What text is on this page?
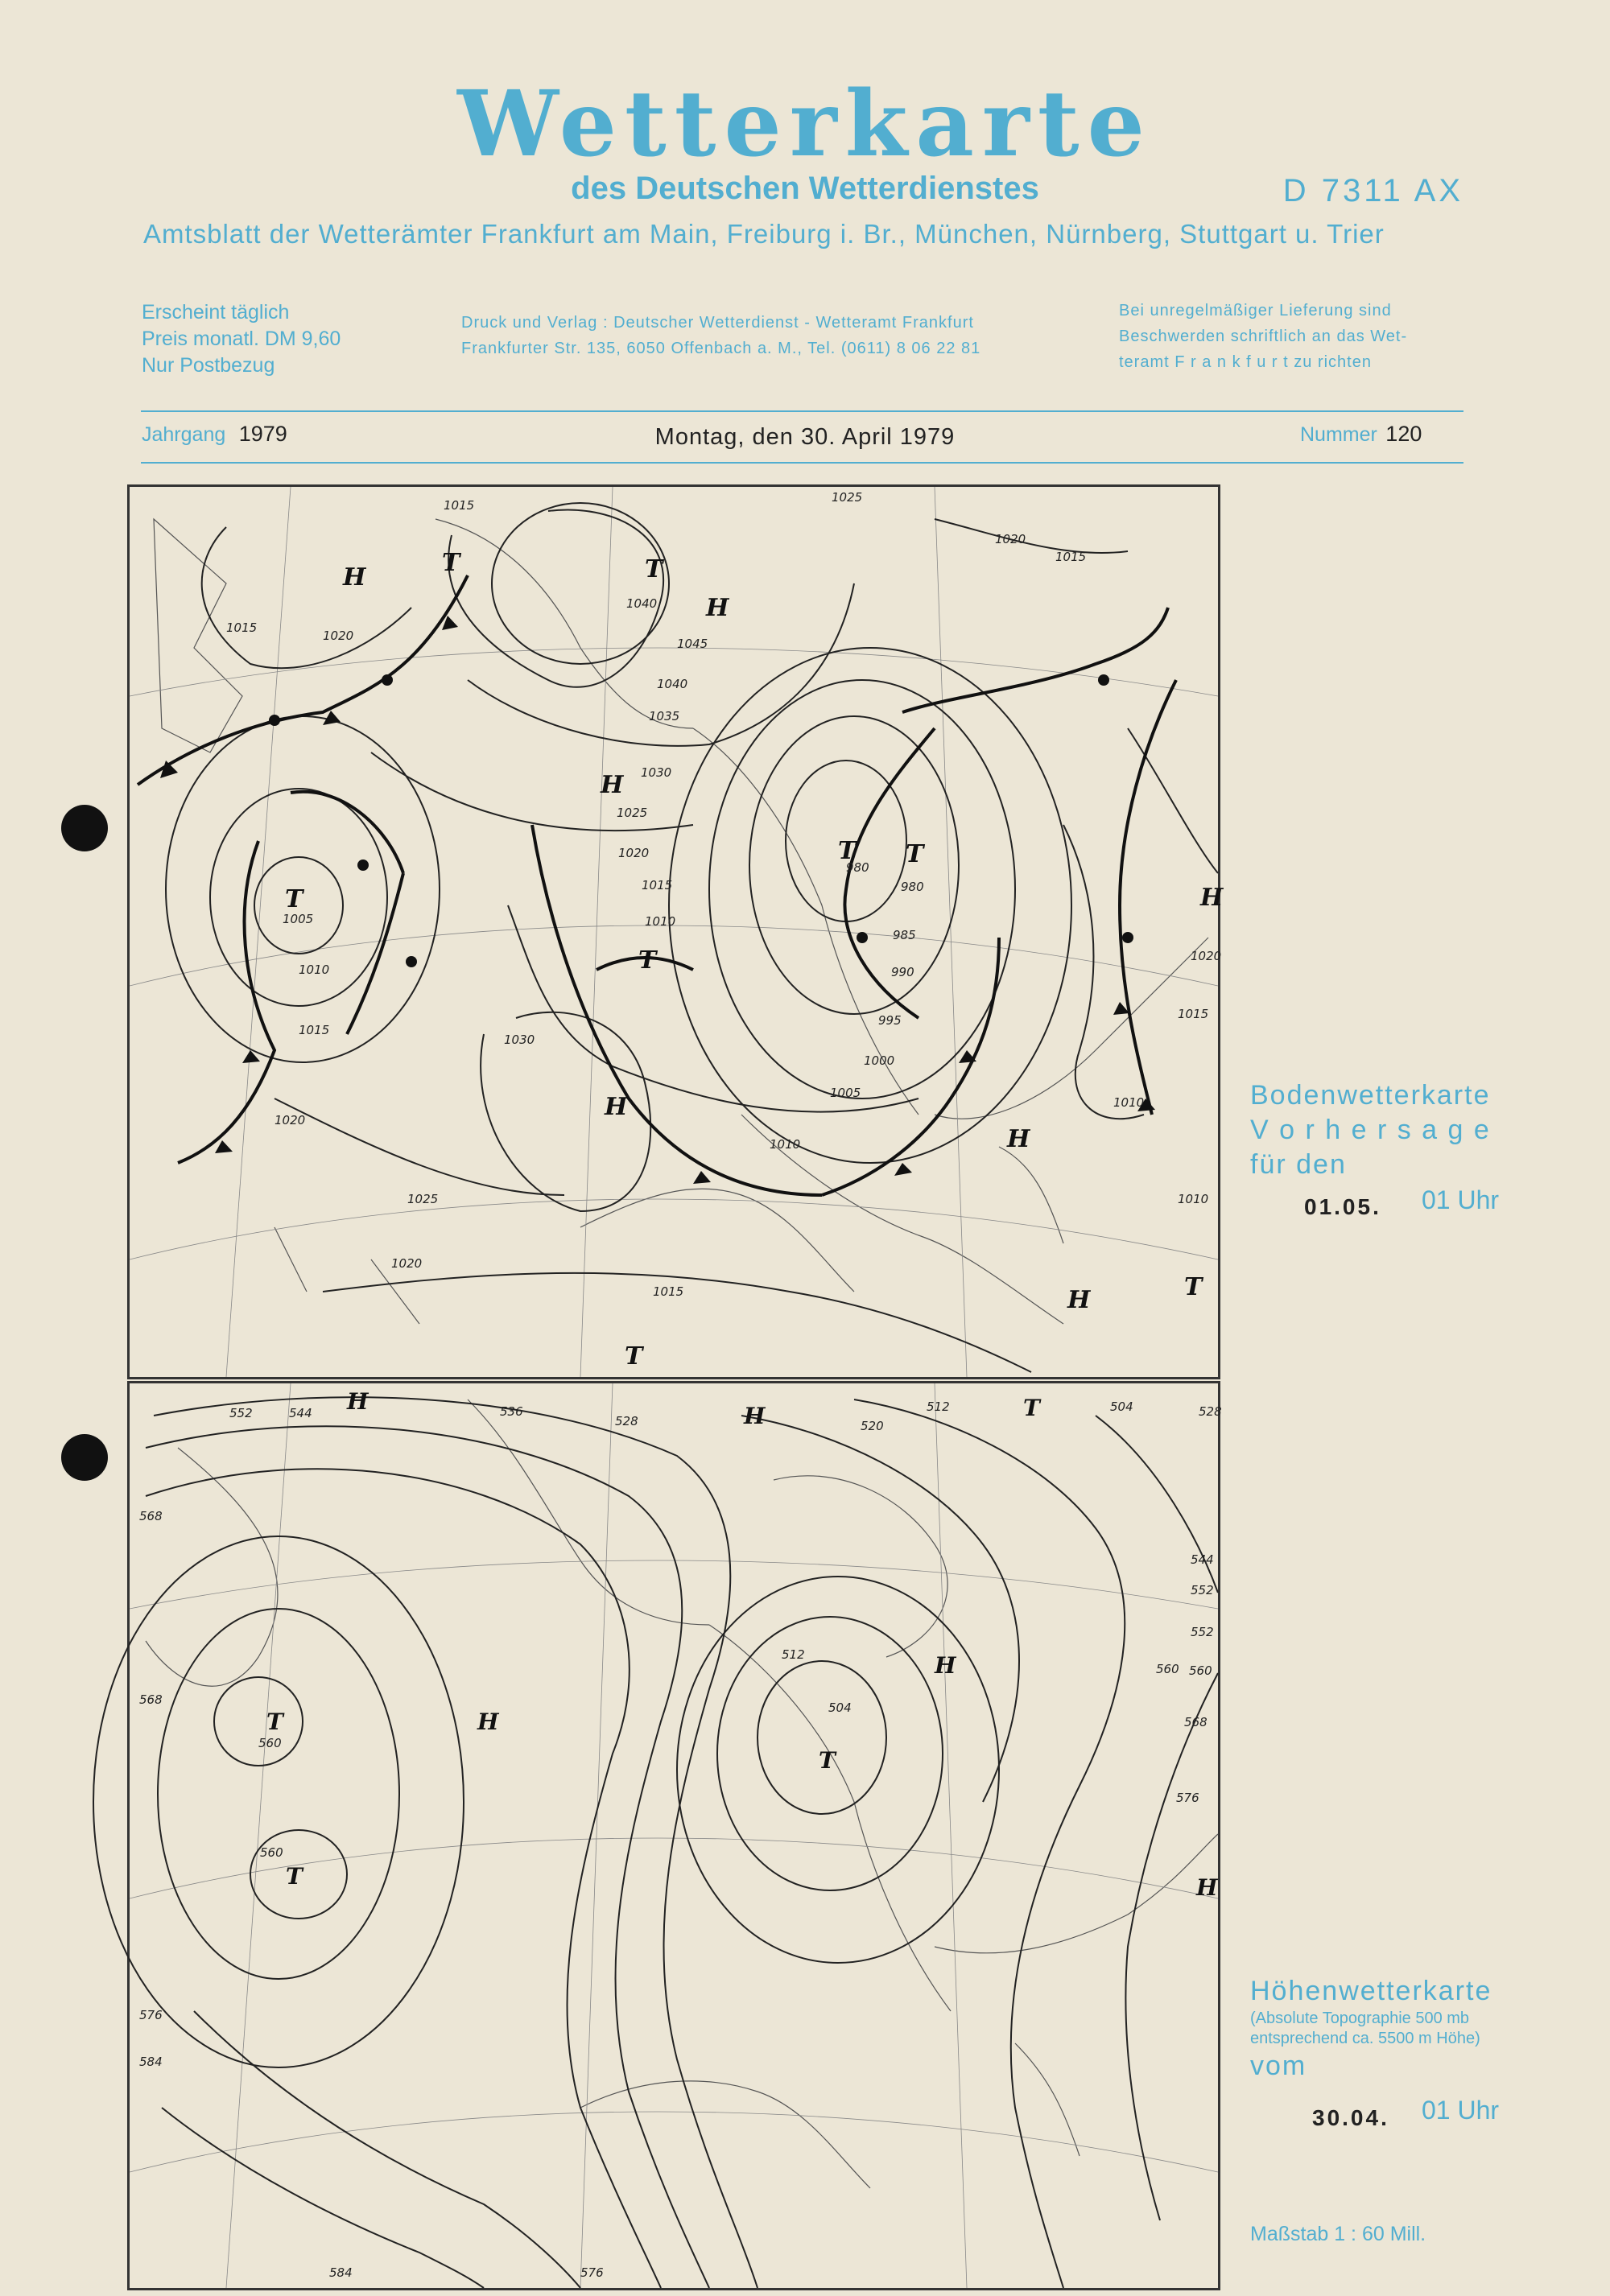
Wetterkarte
des Deutschen Wetterdienstes	D 7311 AX
Amtsblatt der Wetterämter Frankfurt am Main, Freiburg i. Br., München, Nürnberg, Stuttgart u. Trier
Erscheint täglich
Preis monatl. DM 9,60
Nur Postbezug
Druck und Verlag : Deutscher Wetterdienst - Wetteramt Frankfurt
Frankfurter Str. 135, 6050 Offenbach a. M., Tel. (0611) 8 06 22 81
Bei unregelmäßiger Lieferung sind
Beschwerden schriftlich an das Wet-
teramt F r a n k f u r t zu richten
Jahrgang 1979	Montag, den 30. April 1979	Nummer 120
H
H
H
H
H
H
H
T
T	T
T T
T
T
T
1015
1020
1015
1040
1045
1040
1035
1030
1025
1020
1015
1010
1005
1010
1015
1020
1030
1025
1020
1015
980
980
985
990
995
1000
1005
1010
1020
1015
1010
1010
1025
1020
1015
Bodenwetterkarte
V o r h e r s a g e
für den
01.05. 01 Uhr
H
H
H
H
H
T
T
T
T
552	544	536
528	520
512	504	528
552
560
568
576
560
560
568
576
584
568
576
584
512
504
560
552
544
Höhenwetterkarte
(Absolute Topographie 500 mb
entsprechend ca. 5500 m Höhe)
vom
30.04. 01 Uhr
Maßstab 1 : 60 Mill.
